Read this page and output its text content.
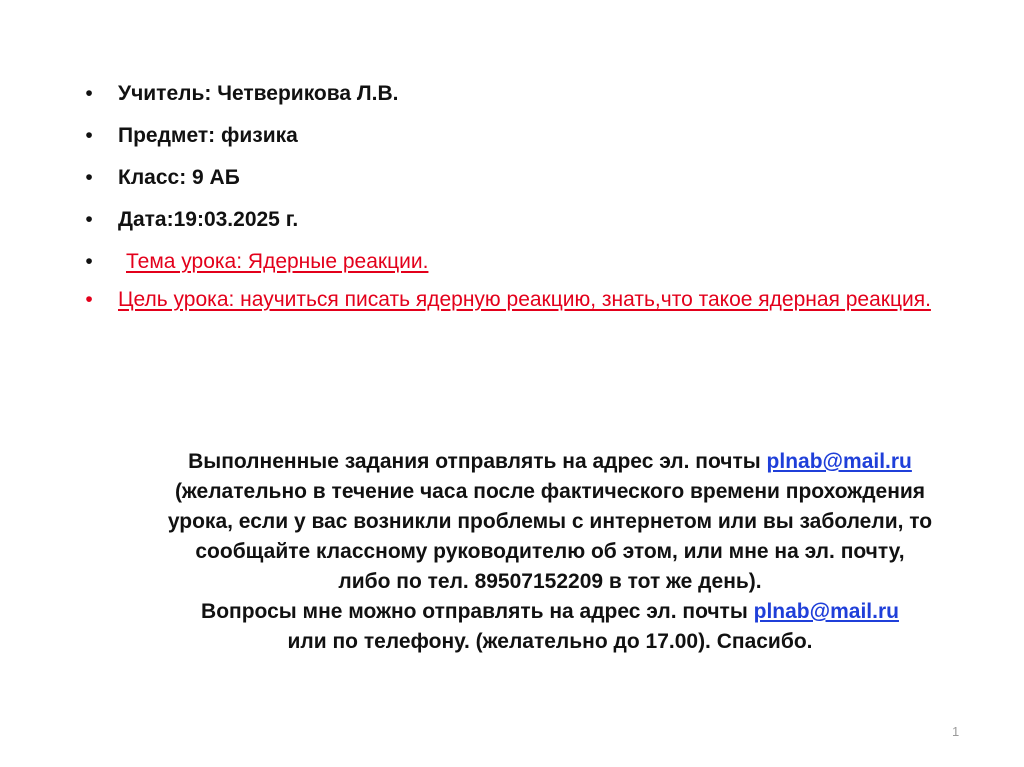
• Учитель: Четверикова Л.В.
• Предмет: физика
• Класс: 9 АБ
• Дата:19:03.2025 г.
• Тема урока: Ядерные реакции.
• Цель урока: научиться писать ядерную реакцию, знать,что такое ядерная реакция.
Выполненные задания отправлять на адрес эл. почты plnab@mail.ru
(желательно в течение часа после фактического времени прохождения
урока, если у вас возникли проблемы с интернетом или вы заболели, то
сообщайте классному руководителю об этом, или мне на эл. почту,
либо по тел. 89507152209 в тот же день).
Вопросы мне можно отправлять на адрес эл. почты plnab@mail.ru
или по телефону. (желательно до 17.00). Спасибо.
1
